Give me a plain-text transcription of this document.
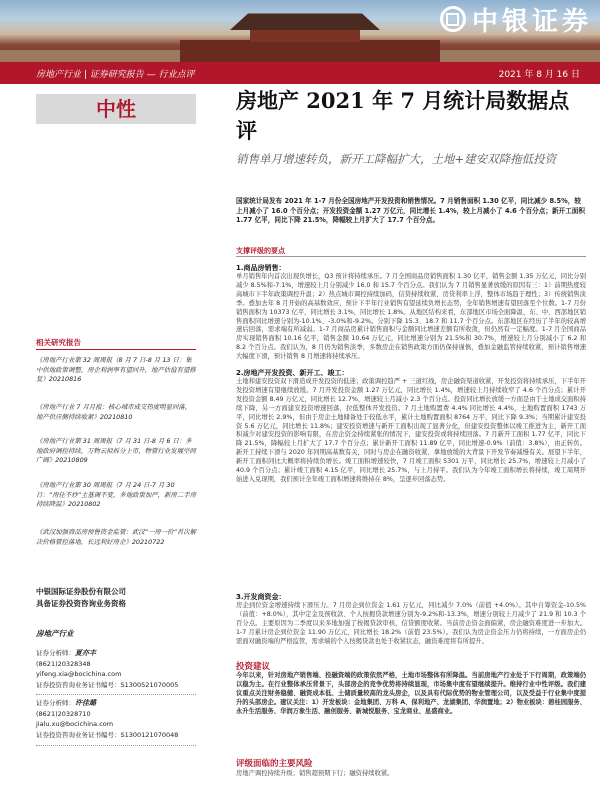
中银证券
房地产行业 | 证券研究报告 — 行业点评	2021 年 8 月 16 日
中性	房地产 2021 年 7 月统计局数据点评
销售单月增速转负，新开工降幅扩大，土地+建安双降拖低投资
国家统计局发布 2021 年 1-7 月份全国房地产开发投资和销售情况。7 月销售面积 1.30 亿平，同比减少 8.5%，较上月减小了 16.0 个百分点；开发投资金额 1.27 万亿元，同比增长 1.4%，较上月减小了 4.6 个百分点；新开工面积 1.77 亿平，同比下降 21.5%，降幅较上月扩大了 17.7 个百分点。
支撑评级的要点
1.商品房销售：
单月销售年内首次出现负增长，Q3 预计将持续承压。7 月全国商品房销售面积 1.30 亿平，销售金额 1.35 万亿元，同比分别减少 8.5%和-7.1%，增速较上月分别减少 16.0 和 15.7 个百分点。我们认为 7 月销售显著放缓的原因有三：1）前期热度较高城市下半年政策调控升温；2）热点城市调控持续加码，信贷持续收紧，房贷利率上浮，整体市场趋于理性；3）传统销售淡季。叠加去年 8 月开始的高基数效应，预计下半年行业销售有望延续负增长态势，全年销售增速有望回落至个位数。1-7 月份销售面积为 10373 亿平，同比增长 3.1%，同比增长 1.8%。从地区结构来看，东部地区市场全面降温，东、中、西部地区销售面积同比增速分别为-10.1%、-3.0%和-9.2%。分别下降 15.3、18.7 和 11.7 个百分点。东部地区在经历了半年的较高增速后回落，需求端有所减弱。1-7 月商品房累计销售面积与金额同比增速差额有所收敛，但仍然有一定幅度。1-7 月全国商品房实现销售面积 10.16 亿平，销售金额 10.64 万亿元，同比增速分别为 21.5%和 30.7%，增速较上月分别减小了 6.2 和 8.2 个百分点。我们认为，8 月仍为销售淡季，多数房企在销售政策方面仍保持谨慎，叠加金融监管持续收紧，预计销售增速大幅度下滑，预计销售 8 月增速将持续承压。
2.房地产开发投资、新开工、竣工：
土地和建安投资双下滑造成开发投资的低迷；政策调控趋严 + 三道红线，房企融资渠道收紧，开发投资将持续承压，下半年开发投资增速有望继续放缓。7 月开发投资金额 1.27 万亿元，同比增长 1.4%，增速较上月持续收窄了 4.6 个百分点；累计开发投资金额 8.49 万亿元，同比增长 12.7%，增速较上月减小 2.3 个百分点。投资同比增长放缓一方面是由于土地成交面积持续下降，另一方面建安投资增速回落，拉低整体开发投资。7 月土地购置费 4.4% 同比增长 4.4%，土地购置面积 1743 万平，同比增长 2.9%，但由于房企土地储备处于较低水平，累计土地购置面积 8764 万平，同比下降 9.3%；当期累计建安投资 5.6 万亿元，同比增长 11.8%；建安投资增速与新开工面积出现了显著分化，但建安投资整体以竣工推进为主，新开工面积减少对建安投资的影响有限，在房企资金持续紧张的情况下，建安投资或将持续回落。7 月新开工面积 1.77 亿平，同比下降 21.5%，降幅较上月扩大了 17.7 个百分点；累计新开工面积 11.89 亿平，同比增速-0.9%（前值：3.8%），由正转负。新开工持续下滑与 2020 年同期高基数有关，同时与房企在融资收紧、拿地放缓的大背景下开发节奏减慢有关。展望下半年，新开工面积同比大概率将持续负增长。竣工面积增速较快，7 月竣工面积 5301 万平，同比增长 25.7%，增速较上月减小了 40.9 个百分点；累计竣工面积 4.15 亿平，同比增长 25.7%，与上月持平。我们认为今年竣工面积增长将持续，竣工周期开始进入兑现期，我们预计全年竣工面积增速将维持在 8%，呈逐步回落态势。
3.开发商资金：
房企到位资金增速持续下滑压力。7 月房企到位资金 1.61 万亿元，同比减少 7.0%（前值 +4.0%）。其中自筹资金-10.5%（前值：+8.0%），其中定金及预收款、个人按揭贷款增速分别为-9.2%和-13.3%，增速分别较上月减少了 21.9 和 10.3 个百分点。主要原因为二季度以来多地加强了按揭贷款审核，信贷额度收紧。当前房企资金面偏紧，房企融资难度进一步加大。1-7 月累计房企到位资金 11.90 万亿元，同比增长 18.2%（前值 23.5%）。我们认为房企资金压力仍将持续，一方面房企仍需面对融资端的严格监管，需求端的个人按揭贷款也处于收紧状态，融资难度将有所提升。
投资建议
今年以来，针对房地产销售端、投融资端的政策依然严格，土地市场整体有所降温。当前房地产行业处于下行周期，政策端仍以稳为主。在行业整体承压背景下，头部房企的竞争优势将持续显现，市场集中度有望继续提升。维持行业中性评级。我们建议重点关注财务稳健、融资成本低、土储质量较高的龙头房企，以及具有代际优势的物业管理公司，以及受益于行业集中度提升的头部房企。建议关注：1）开发板块：金地集团、万科 A、保利地产、龙湖集团、华润置地；2）物业板块：碧桂园服务、永升生活服务、华润万象生活、融创服务、新城悦服务、宝龙商业、星盛商业。
评级面临的主要风险
房地产调控持续升级；销售超预期下行；融资持续收紧。
相关研究报告
《房地产行业第 32 周周报（8 月 7 日-8 月 13 日：集中供地政策调整，房企利润率有望回升，地产估值有望修复》20210816
《房地产行业 7 月月报：核心城市成交热度明显回落，地产供应侧持续收紧》20210810
《房地产行业第 31 周周报（7 月 31 日-8 月 6 日：多地政府调控持续，万物云拟拆分上市，物管行业发展空间广阔》20210809
《房地产行业第 30 周周报（7 月 24 日-7 月 30 日：“房住不炒”主基调不变，多地政策加严，新房二手房持续降温》20210802
《武汉加强商品房预售资金监管：武汉“一房一价”首次解决价格管控落地，长远利好房企》20210722
中银国际证券股份有限公司
具备证券投资咨询业务资格
房地产行业
证券分析师：夏亦丰
(8621)20328348
yifeng.xia@bocichina.com
证券投资咨询业务证书编号：S1300521070005
证券分析师：许佳璐
(8621)20328710
jialu.xu@bocichina.com
证券投资咨询业务证书编号：S1300121070048
